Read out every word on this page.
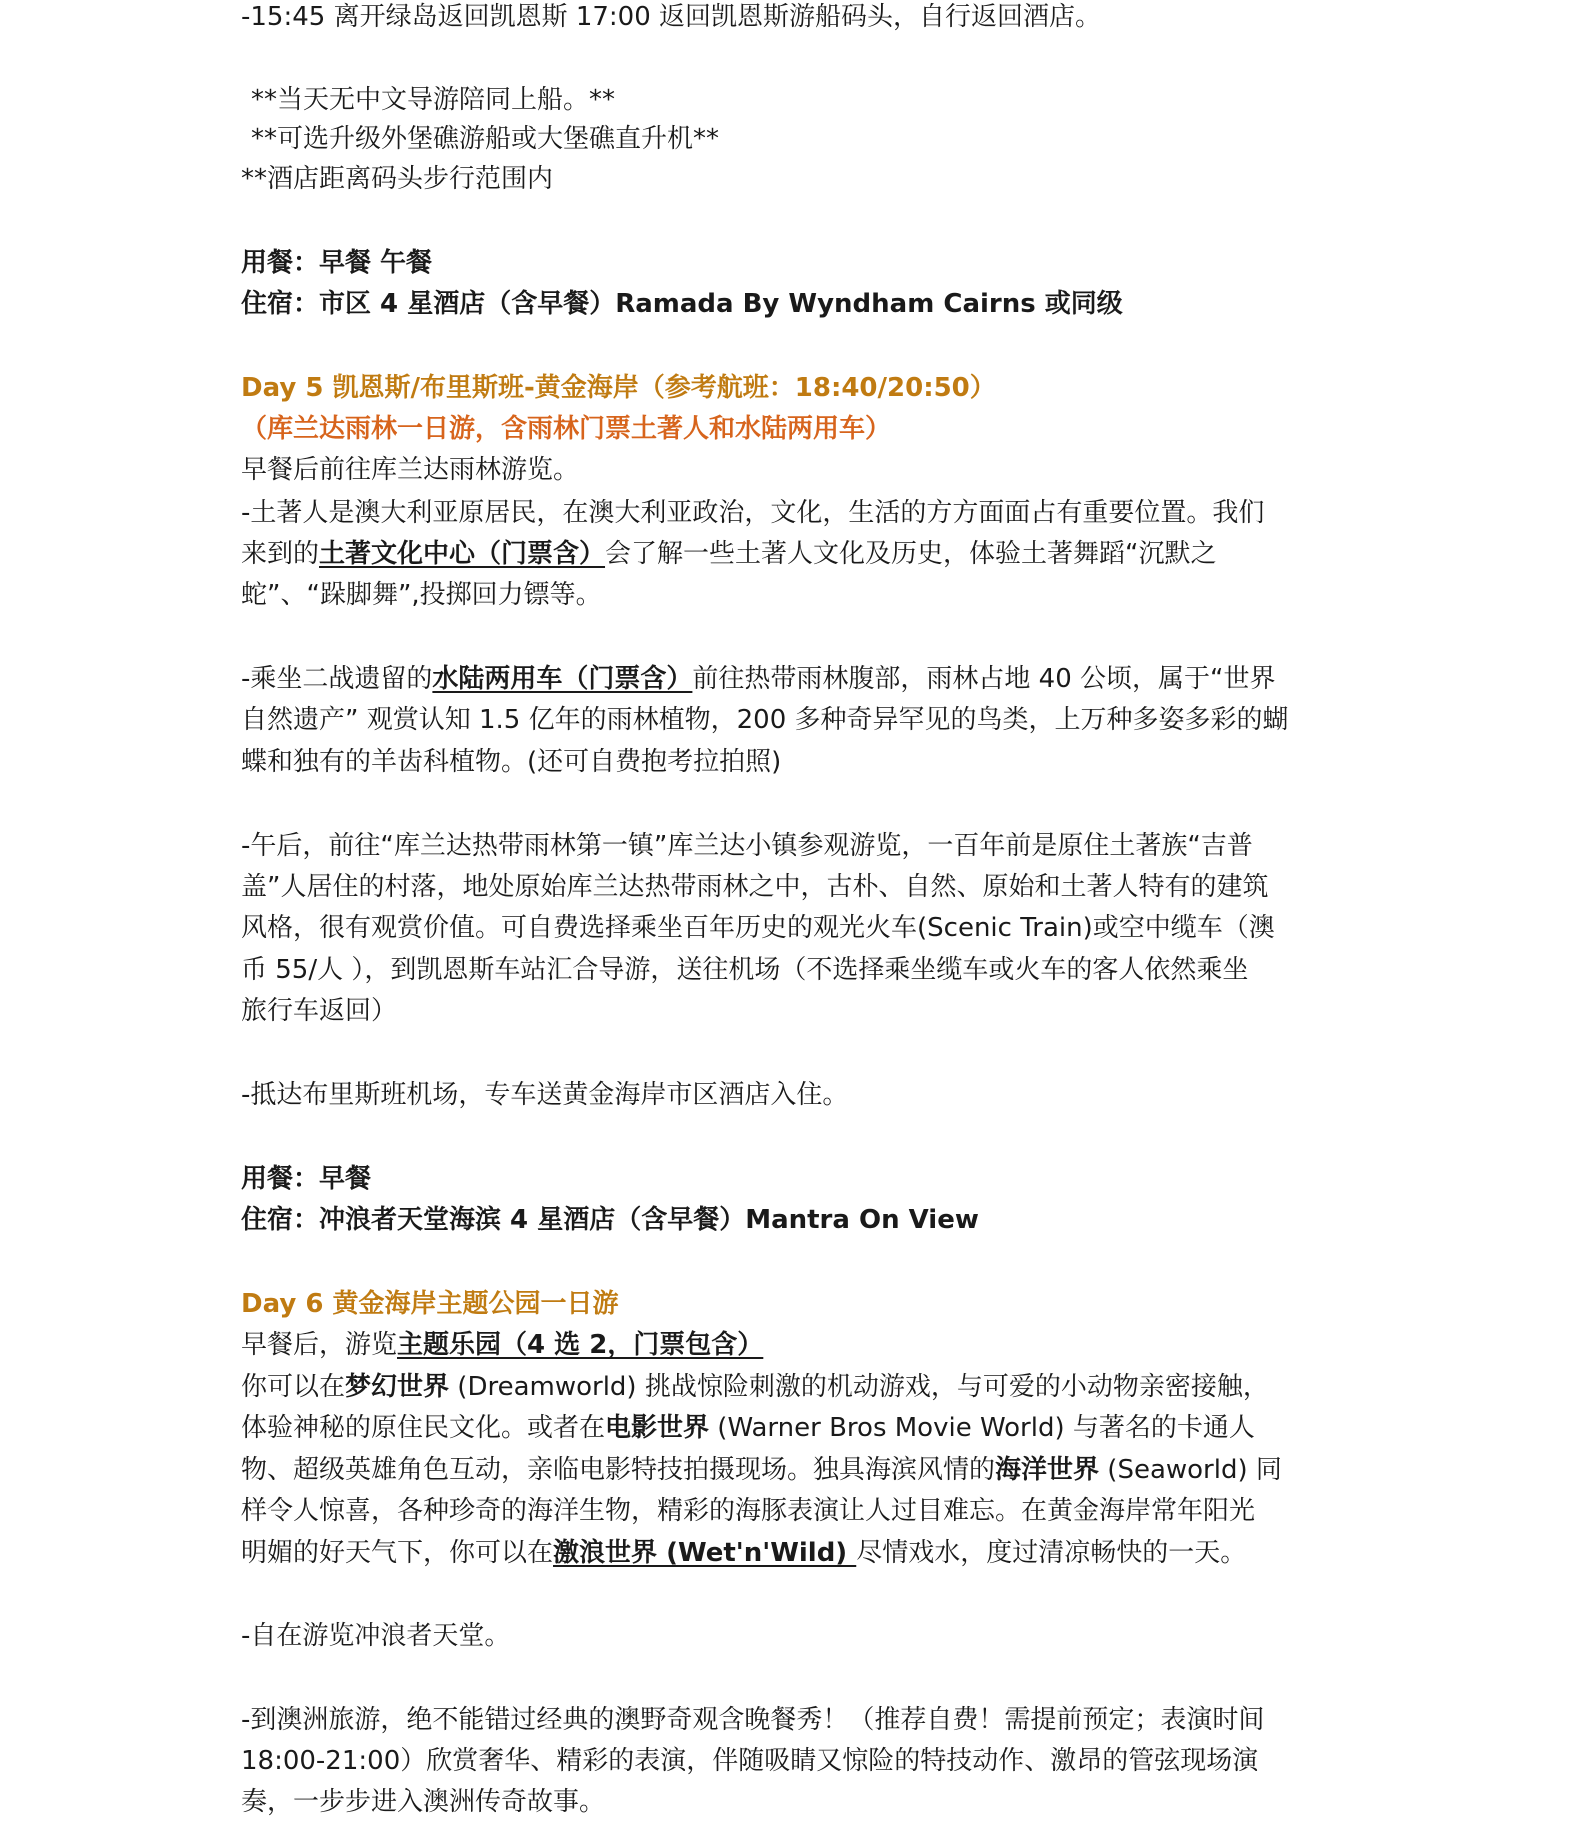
-15:45 离开绿岛返回凯恩斯 17:00 返回凯恩斯游船码头，自行返回酒店。
**当天无中文导游陪同上船。**
**可选升级外堡礁游船或大堡礁直升机**
**酒店距离码头步行范围内
用餐：早餐 午餐
住宿：市区 4 星酒店（含早餐）Ramada By Wyndham Cairns 或同级
Day 5 凯恩斯/布里斯班-黄金海岸（参考航班：18:40/20:50）
（库兰达雨林一日游，含雨林门票土著人和水陆两用车）
早餐后前往库兰达雨林游览。
-土著人是澳大利亚原居民，在澳大利亚政治，文化，生活的方方面面占有重要位置。我们
来到的土著文化中心（门票含）会了解一些土著人文化及历史，体验土著舞蹈“沉默之
蛇”、“跺脚舞”,投掷回力镖等。
-乘坐二战遗留的水陆两用车（门票含）前往热带雨林腹部，雨林占地 40 公顷，属于“世界
自然遗产” 观赏认知 1.5 亿年的雨林植物，200 多种奇异罕见的鸟类，上万种多姿多彩的蝴
蝶和独有的羊齿科植物。(还可自费抱考拉拍照)
-午后，前往“库兰达热带雨林第一镇”库兰达小镇参观游览，一百年前是原住土著族“吉普
盖”人居住的村落，地处原始库兰达热带雨林之中，古朴、自然、原始和土著人特有的建筑
风格，很有观赏价值。可自费选择乘坐百年历史的观光火车(Scenic Train)或空中缆车（澳
币 55/人 ），到凯恩斯车站汇合导游，送往机场（不选择乘坐缆车或火车的客人依然乘坐
旅行车返回）
-抵达布里斯班机场，专车送黄金海岸市区酒店入住。
用餐：早餐
住宿：冲浪者天堂海滨 4 星酒店（含早餐）Mantra On View
Day 6 黄金海岸主题公园一日游
早餐后，游览主题乐园（4 选 2，门票包含）
你可以在梦幻世界 (Dreamworld) 挑战惊险刺激的机动游戏，与可爱的小动物亲密接触，
体验神秘的原住民文化。或者在电影世界 (Warner Bros Movie World) 与著名的卡通人
物、超级英雄角色互动，亲临电影特技拍摄现场。独具海滨风情的海洋世界 (Seaworld) 同
样令人惊喜，各种珍奇的海洋生物，精彩的海豚表演让人过目难忘。在黄金海岸常年阳光
明媚的好天气下，你可以在激浪世界 (Wet'n'Wild) 尽情戏水，度过清凉畅快的一天。
-自在游览冲浪者天堂。
-到澳洲旅游，绝不能错过经典的澳野奇观含晚餐秀！（推荐自费！需提前预定；表演时间
18:00-21:00）欣赏奢华、精彩的表演，伴随吸睛又惊险的特技动作、激昂的管弦现场演
奏，一步步进入澳洲传奇故事。
